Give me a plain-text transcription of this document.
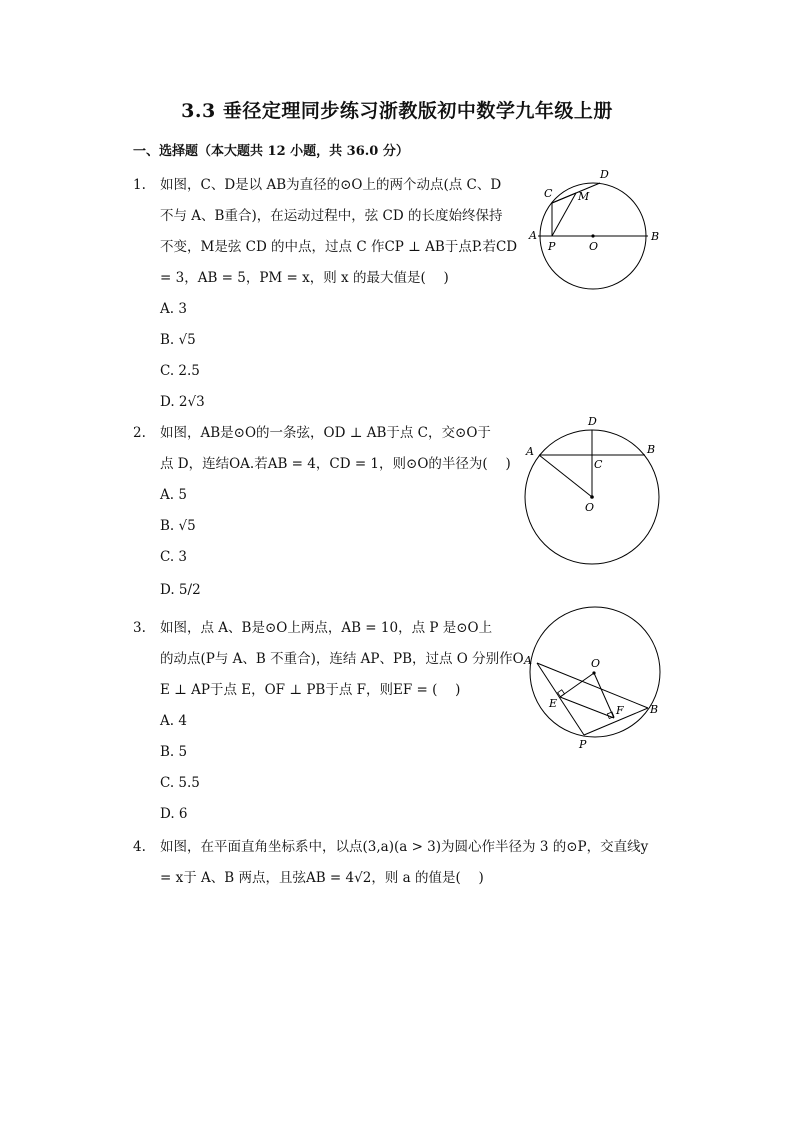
3.3 垂径定理同步练习浙教版初中数学九年级上册
一、选择题（本大题共 12 小题，共 36.0 分）
1. 如图，C、D是以 AB为直径的⊙O上的两个动点(点 C、D
不与 A、B重合)，在运动过程中，弦 CD 的长度始终保持
不变，M是弦 CD 的中点，过点 C 作CP ⊥ AB于点P.若CD
= 3，AB = 5，PM = x，则 x 的最大值是(　 )
A. 3
B. √5
C. 2.5
D. 2√3
C
D
M
A
P	O
B
2. 如图，AB是⊙O的一条弦，OD ⊥ AB于点 C，交⊙O于
点 D，连结OA.若AB = 4，CD = 1，则⊙O的半径为(　 )
A. 5
B. √5
C. 3
D. 5/2
D
A	B
C
O
3. 如图，点 A、B是⊙O上两点，AB = 10，点 P 是⊙O上
的动点(P与 A、B 不重合)，连结 AP、PB，过点 O 分别作O
E ⊥ AP于点 E，OF ⊥ PB于点 F，则EF = (　 )
A. 4
B. 5
C. 5.5
D. 6
O
A
E
F B
P
4. 如图，在平面直角坐标系中，以点(3,a)(a > 3)为圆心作半径为 3 的⊙P，交直线y
= x于 A、B 两点，且弦AB = 4√2，则 a 的值是(　 )
